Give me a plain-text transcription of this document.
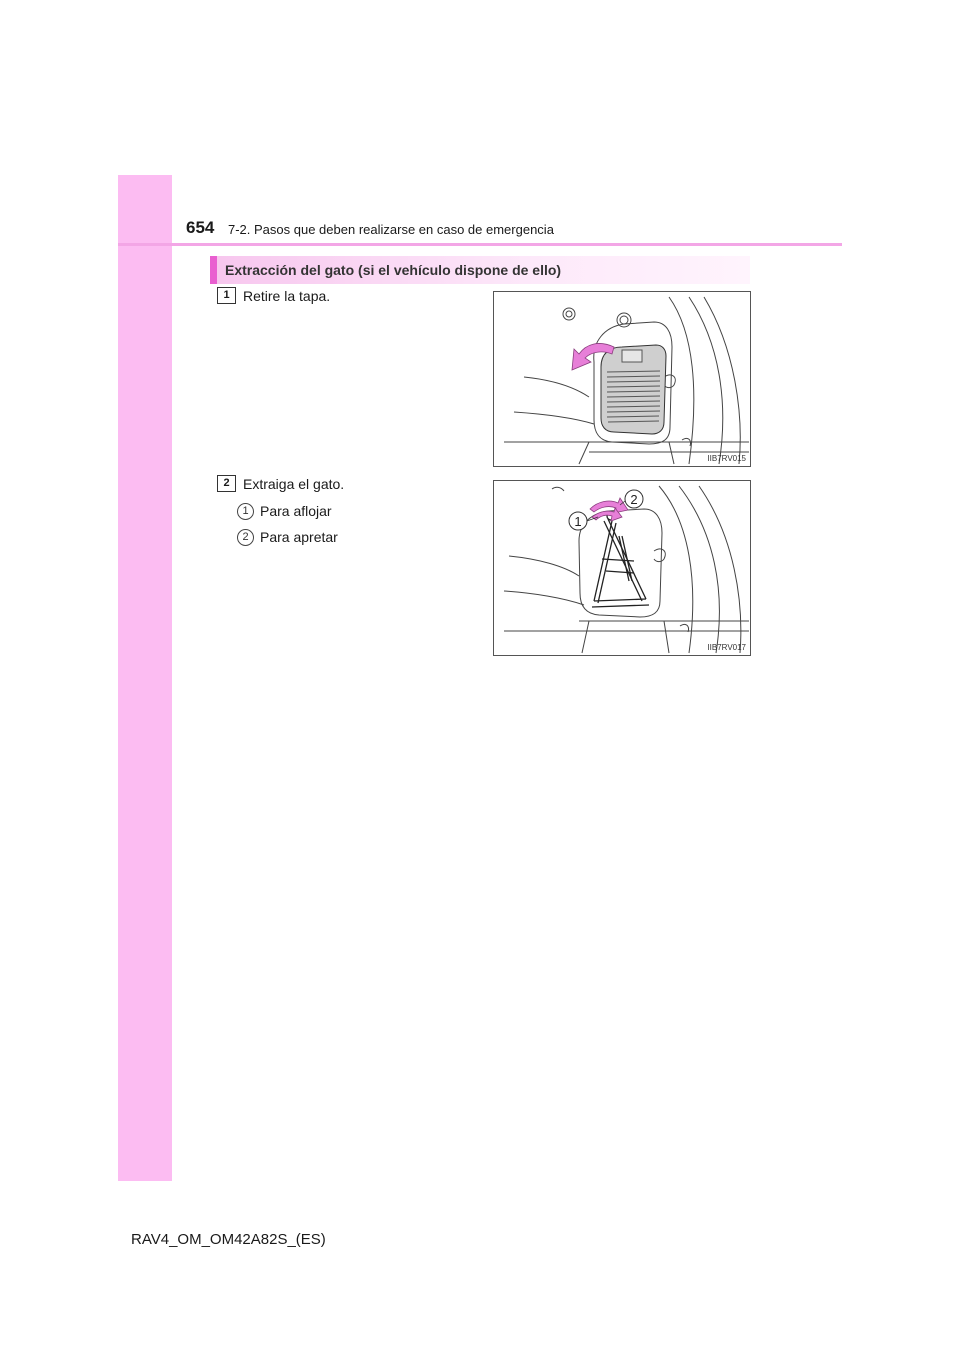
654 7-2. Pasos que deben realizarse en caso de emergencia
Extracción del gato (si el vehículo dispone de ello)
1 Retire la tapa.
IIB7RV015
2 Extraiga el gato.
1 Para aflojar
2 Para apretar
1
2
IIB7RV017
RAV4_OM_OM42A82S_(ES)
